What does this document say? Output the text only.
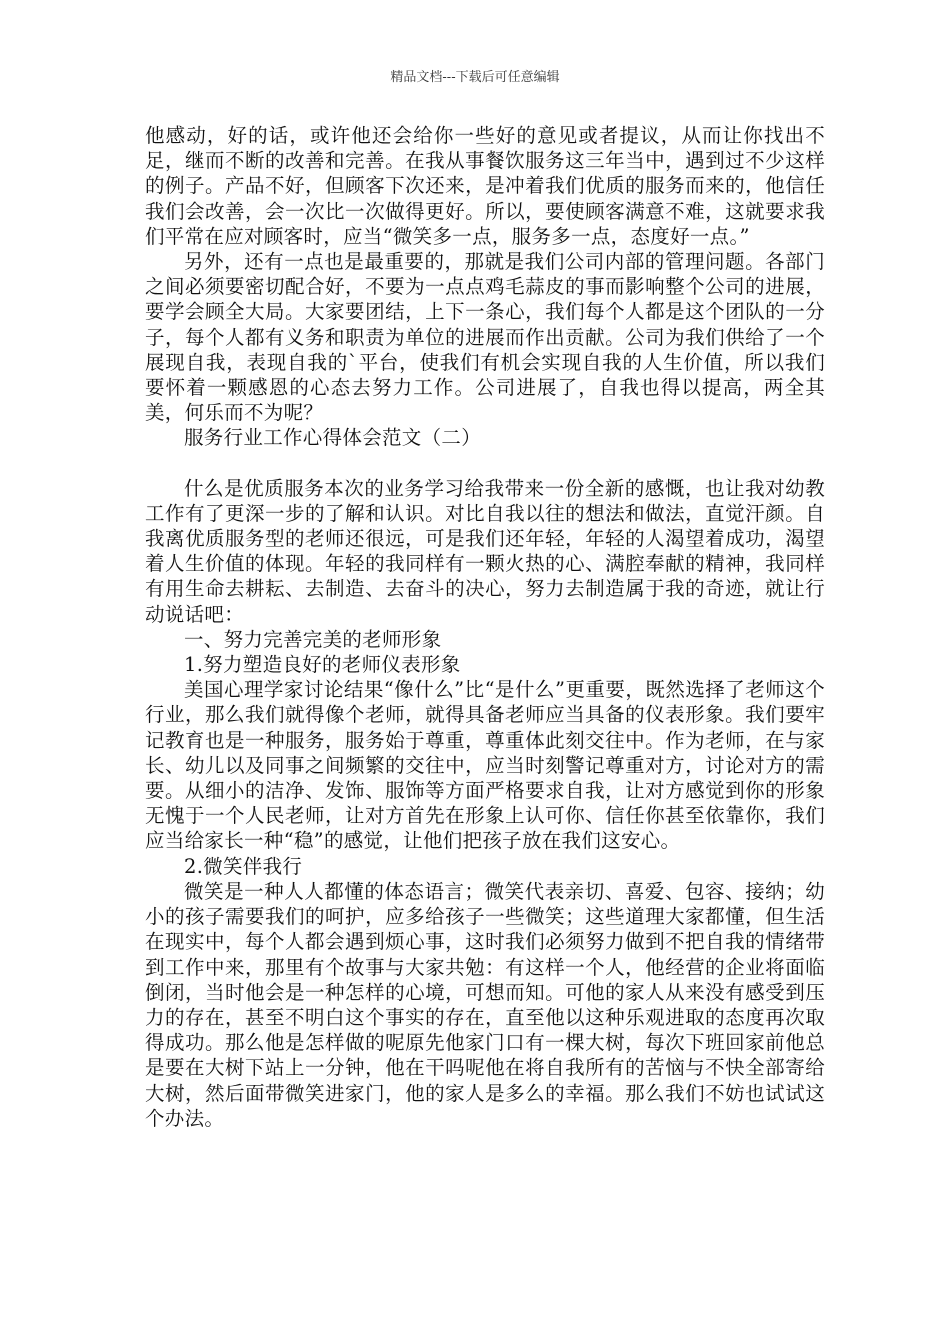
精品文档---下载后可任意编辑

他感动，好的话，或许他还会给你一些好的意见或者提议，从而让你找出不足，继而不断的改善和完善。在我从事餐饮服务这三年当中，遇到过不少这样的例子。产品不好，但顾客下次还来，是冲着我们优质的服务而来的，他信任我们会改善，会一次比一次做得更好。所以，要使顾客满意不难，这就要求我们平常在应对顾客时，应当“微笑多一点，服务多一点，态度好一点。”

另外，还有一点也是最重要的，那就是我们公司内部的管理问题。各部门之间必须要密切配合好，不要为一点点鸡毛蒜皮的事而影响整个公司的进展，要学会顾全大局。大家要团结，上下一条心，我们每个人都是这个团队的一分子，每个人都有义务和职责为单位的进展而作出贡献。公司为我们供给了一个展现自我，表现自我的`平台，使我们有机会实现自我的人生价值，所以我们要怀着一颗感恩的心态去努力工作。公司进展了，自我也得以提高，两全其美，何乐而不为呢？

服务行业工作心得体会范文（二）

什么是优质服务本次的业务学习给我带来一份全新的感慨，也让我对幼教工作有了更深一步的了解和认识。对比自我以往的想法和做法，直觉汗颜。自我离优质服务型的老师还很远，可是我们还年轻，年轻的人渴望着成功，渴望着人生价值的体现。年轻的我同样有一颗火热的心、满腔奉献的精神，我同样有用生命去耕耘、去制造、去奋斗的决心，努力去制造属于我的奇迹，就让行动说话吧：

一、努力完善完美的老师形象

1.努力塑造良好的老师仪表形象

美国心理学家讨论结果“像什么”比“是什么”更重要，既然选择了老师这个行业，那么我们就得像个老师，就得具备老师应当具备的仪表形象。我们要牢记教育也是一种服务，服务始于尊重，尊重体此刻交往中。作为老师，在与家长、幼儿以及同事之间频繁的交往中，应当时刻警记尊重对方，讨论对方的需要。从细小的洁净、发饰、服饰等方面严格要求自我，让对方感觉到你的形象无愧于一个人民老师，让对方首先在形象上认可你、信任你甚至依靠你，我们应当给家长一种“稳”的感觉，让他们把孩子放在我们这安心。

2.微笑伴我行

微笑是一种人人都懂的体态语言；微笑代表亲切、喜爱、包容、接纳；幼小的孩子需要我们的呵护，应多给孩子一些微笑；这些道理大家都懂，但生活在现实中，每个人都会遇到烦心事，这时我们必须努力做到不把自我的情绪带到工作中来，那里有个故事与大家共勉：有这样一个人，他经营的企业将面临倒闭，当时他会是一种怎样的心境，可想而知。可他的家人从来没有感受到压力的存在，甚至不明白这个事实的存在，直至他以这种乐观进取的态度再次取得成功。那么他是怎样做的呢原先他家门口有一棵大树，每次下班回家前他总是要在大树下站上一分钟，他在干吗呢他在将自我所有的苦恼与不快全部寄给大树，然后面带微笑进家门，他的家人是多么的幸福。那么我们不妨也试试这个办法。
